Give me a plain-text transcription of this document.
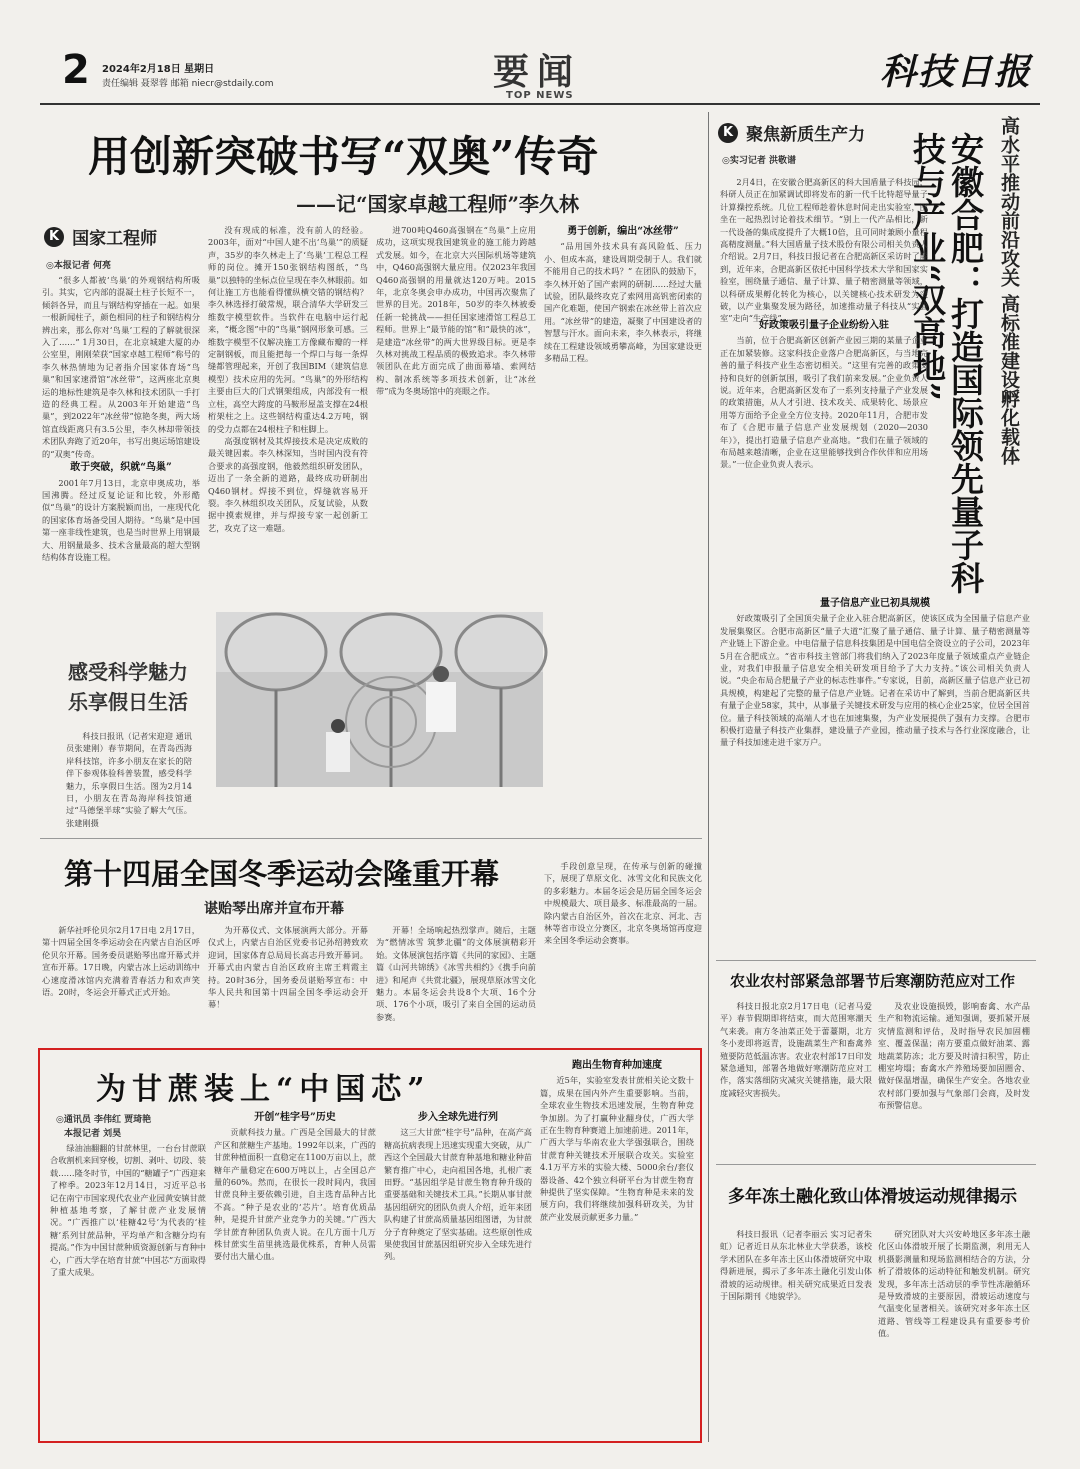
2 2024年2月18日 星期日
责任编辑 聂翠蓉 邮箱 niecr@stdaily.com	要闻
TOP NEWS
科技日报
用创新突破书写“双奥”传奇
——记“国家卓越工程师”李久林
K 国家工程师
◎本报记者 何亮

“很多人都被‘鸟巢’的外观钢结构所吸引。其实，它内部的混凝土柱子长短不一，倾斜各异，而且与钢结构穿插在一起。如果一根新闻柱子，颜色相同的柱子和钢结构分辨出来，那么你对‘鸟巢’工程的了解就很深入了……” 1月30日，在北京城建大厦的办公室里，刚刚荣获“国家卓越工程师”称号的李久林热情地为记者指介国家体育场“鸟巢”和国家速滑馆“冰丝带”，这两座北京奥运的地标性建筑是李久林和技术团队一手打造的经典工程。从2003年开始建造“鸟巢”，到2022年“冰丝带”惊艳冬奥，两大场馆直线距离只有3.5公里，李久林却带领技术团队奔跑了近20年，书写出奥运场馆建设的“双奥”传奇。

敢于突破，织就“鸟巢”

2001年7月13日，北京申奥成功，举国沸腾。经过反复论证和比较，外形酷似“鸟巢”的设计方案脱颖而出，一座现代化的国家体育场备受国人期待。“鸟巢”是中国第一座非线性建筑，也是当时世界上用钢最大、用钢量最多、技术含量最高的超大型钢结构体育设施工程。

没有现成的标准，没有前人的经验。2003年，面对“中国人建不出‘鸟巢’”的质疑声，35岁的李久林走上了‘鸟巢’工程总工程师的岗位。摊开150张钢结构图纸，“鸟巢”以独特的坐标点位呈现在李久林眼前。如何让施工方也能看得懂纵横交错的钢结构？李久林选择打破常规，联合清华大学研发三维数字模型软件。当软件在电脑中运行起来，“概念图”中的“鸟巢”钢网形象可感。三维数字模型不仅解决施工方像藏布瓣的一样定制钢板，而且能把每一个焊口与每一条焊缝都管理起来，开创了我国BIM（建筑信息模型）技术应用的先河。“鸟巢”的外形结构主要由巨大的门式钢架组成，内部没有一根立柱，高空大跨度的马鞍形屋盖支撑在24根桁架柱之上。这些钢结构重达4.2万吨，钢的受力点都在24根柱子和柱脚上。

高强度钢材及其焊接技术是决定成败的最关键因素。李久林深知，当时国内没有符合要求的高强度钢，他毅然组织研发团队，迈出了一条全新的道路，最终成功研制出Q460钢材。焊接不到位，焊缝就容易开裂。李久林组织攻关团队，反复试验，从数据中摸索规律，并与焊接专家一起创新工艺，攻克了这一难题。

进700吨Q460高强钢在“鸟巢”上应用成功，这项实现我国建筑业的施工能力跨越式发展。如今，在北京大兴国际机场等建筑中，Q460高强钢大量应用。仅2023年我国Q460高强钢的用量就达120万吨。2015年，北京冬奥会申办成功，中国再次聚焦了世界的目光。2018年，50岁的李久林被委任新一轮挑战——担任国家速滑馆工程总工程师。世界上“最节能的馆”和“最快的冰”，是建造“冰丝带”的两大世界级目标。更是李久林对挑战工程品质的极致追求。李久林带领团队在此方面完成了曲面幕墙、索网结构、制冰系统等多项技术创新，让“冰丝带”成为冬奥场馆中的亮眼之作。

勇于创新，编出“冰丝带”

“品用国外技术具有高风险低、压力小、但成本高，建设周期受制于人。我们就不能用自己的技术吗？” 在团队的鼓励下，李久林开始了国产索网的研制……经过大量试验，团队最终攻克了索网用高钒密闭索的国产化难题，使国产钢索在冰丝带上首次应用。“冰丝带”的建造，凝聚了中国建设者的智慧与汗水。面向未来，李久林表示，将继续在工程建设领域勇攀高峰，为国家建设更多精品工程。

感受科学魅力
乐享假日生活

科技日报讯（记者宋迎迎 通讯员张建刚）春节期间，在青岛西海岸科技馆，许多小朋友在家长的陪伴下参观体验科普装置，感受科学魅力，乐享假日生活。图为2月14日，小朋友在青岛海岸科技馆通过“马德堡半球”实验了解大气压。张建刚摄

第十四届全国冬季运动会隆重开幕
谌贻琴出席并宣布开幕

新华社呼伦贝尔2月17日电 2月17日，第十四届全国冬季运动会在内蒙古自治区呼伦贝尔开幕。国务委员谌贻琴出席开幕式并宣布开幕。17日晚，内蒙古冰上运动训练中心速度滑冰馆内充满着青春活力和欢声笑语。20时，冬运会开幕式正式开始。

为开幕仪式、文体展演两大部分。开幕仪式上，内蒙古自治区党委书记孙绍骋致欢迎词，国家体育总局局长高志丹致开幕词。开幕式由内蒙古自治区政府主席王莉霞主持。20时36分，国务委员谌贻琴宣布：中华人民共和国第十四届全国冬季运动会开幕！

开幕！全场响起热烈掌声。随后，主题为“燃情冰雪 筑梦北疆”的文体展演精彩开始。文体展演包括序篇《共同的家园》、主题篇《山河共锦绣》《冰雪共相约》《携手向前进》和尾声《共赏北疆》，展现草原冰雪文化魅力。本届冬运会共设8个大项、16个分项、176个小项，吸引了来自全国的运动员参赛。

手段创意呈现，在传承与创新的碰撞下，展现了草原文化、冰雪文化和民族文化的多彩魅力。本届冬运会是历届全国冬运会中规模最大、项目最多、标准最高的一届。除内蒙古自治区外，首次在北京、河北、吉林等省市设立分赛区，北京冬奥场馆再度迎来全国冬季运动会赛事。

为甘蔗装上“中国芯”
◎通讯员 李伟红 贾琦艳
本报记者 刘昊

绿油油翻翻的甘蔗林里，一台台甘蔗联合收割机来回穿梭，切割、剥叶、切段、装载……隆冬时节，中国的“糖罐子”广西迎来了榨季。2023年12月14日，习近平总书记在南宁市国家现代农业产业园黄安镇甘蔗种植基地考察，了解甘蔗产业发展情况。“广西推广以‘桂糖42号’为代表的‘桂糖’系列甘蔗品种，平均单产和含糖分均有提高。”作为中国甘蔗种质资源创新与育种中心，广西大学在培育甘蔗“中国芯”方面取得了重大成果。

开创“桂字号”历史

贡献科技力量。广西是全国最大的甘蔗产区和蔗糖生产基地。1992年以来，广西的甘蔗种植面积一直稳定在1100万亩以上，蔗糖年产量稳定在600万吨以上，占全国总产量的60%。然而，在很长一段时间内，我国甘蔗良种主要依赖引进，自主选育品种占比不高。“种子是农业的‘芯片’。培育优质品种，是提升甘蔗产业竞争力的关键。”广西大学甘蔗育种团队负责人说。在几方面十几万株甘蔗实生苗里挑选最优株系，育种人员需要付出大量心血。

步入全球先进行列

这三大甘蔗“桂字号”品种，在高产高糖高抗病表现上迅速实现重大突破，从广西这个全国最大甘蔗育种基地和糖业种苗繁育推广中心，走向祖国各地，扎根广袤田野。“基因组学是甘蔗生物育种升级的重要基础和关键技术工具。”长期从事甘蔗基因组研究的团队负责人介绍，近年来团队构建了甘蔗高质量基因组图谱，为甘蔗分子育种奠定了坚实基础。这些原创性成果使我国甘蔗基因组研究步入全球先进行列。

跑出生物育种加速度

近5年，实验室发表甘蔗相关论文数十篇，成果在国内外产生重要影响。当前，全球农业生物技术迅速发展，生物育种竞争加剧。为了打赢种业翻身仗，广西大学正在生物育种赛道上加速前进。2011年，广西大学与华南农业大学强强联合，围绕甘蔗育种关键技术开展联合攻关。实验室4.1万平方米的实验大楼、5000余台/套仪器设备、42个独立科研平台为甘蔗生物育种提供了坚实保障。“生物育种是未来的发展方向，我们将继续加强科研攻关，为甘蔗产业发展贡献更多力量。”

K 聚焦新质生产力
◎实习记者 洪敬谱	高水平推动前沿攻关 高标准建设孵化载体
安徽合肥：打造国际领先量子科技与产业“双高地”

2月4日，在安徽合肥高新区的科大国盾量子科技园，科研人员正在加紧调试即将发布的新一代千比特超导量子计算操控系统。几位工程师趁着休息时间走出实验室，围坐在一起热烈讨论着技术细节。“别上一代产品相比，新一代设备的集成度提升了大概10倍，且可同时兼顾小量程高精度测量。”科大国盾量子技术股份有限公司相关负责人介绍说。2月7日，科技日报记者在合肥高新区采访时了解到，近年来，合肥高新区依托中国科学技术大学和国家实验室，围绕量子通信、量子计算、量子精密测量等领域，以科研成果孵化转化为核心，以关键核心技术研发为突破，以产业集聚发展为路径，加速推动量子科技从“实验室”走向“生产线”。

好政策吸引量子企业纷纷入驻

当前，位于合肥高新区创新产业园三期的某量子企业正在加紧装修。这家科技企业落户合肥高新区，与当地完善的量子科技产业生态密切相关。“这里有完善的政策支持和良好的创新氛围，吸引了我们前来发展。”企业负责人说。近年来，合肥高新区发布了一系列支持量子产业发展的政策措施，从人才引进、技术攻关、成果转化、场景应用等方面给予企业全方位支持。2020年11月，合肥市发布了《合肥市量子信息产业发展规划（2020—2030年）》，提出打造量子信息产业高地。“我们在量子领域的布局越来越清晰，企业在这里能够找到合作伙伴和应用场景。”一位企业负责人表示。

量子信息产业已初具规模

好政策吸引了全国顶尖量子企业入驻合肥高新区，使该区成为全国量子信息产业发展集聚区。合肥市高新区“量子大道”汇聚了量子通信、量子计算、量子精密测量等产业链上下游企业。中电信量子信息科技集团是中国电信全资设立的子公司，2023年5月在合肥成立。“省市科技主管部门将我们纳入了2023年度量子领域重点产业链企业，对我们申报量子信息安全相关研发项目给予了大力支持。”该公司相关负责人说。“央企布局合肥量子产业的标志性事件。”专家说，目前，高新区量子信息产业已初具规模，构建起了完整的量子信息产业链。记者在采访中了解到，当前合肥高新区共有量子企业58家，其中，从事量子关键技术研发与应用的核心企业25家，位居全国首位。量子科技领域的高端人才也在加速集聚，为产业发展提供了强有力支撑。合肥市积极打造量子科技产业集群，建设量子产业园，推动量子技术与各行业深度融合，让量子科技加速走进千家万户。

农业农村部紧急部署节后寒潮防范应对工作

科技日报北京2月17日电（记者马爱平）春节假期即将结束，而大范围寒潮天气来袭。南方冬油菜正处于蕾薹期，北方冬小麦即将返青，设施蔬菜生产和畜禽养殖要防范低温冻害。农业农村部17日印发紧急通知，部署各地做好寒潮防范应对工作，落实落细防灾减灾关键措施，最大限度减轻灾害损失。

及农业设施损毁，影响畜禽、水产品生产和物流运输。通知强调，要抓紧开展灾情监测和评估，及时指导农民加固棚室、覆盖保温；南方要重点做好油菜、露地蔬菜防冻；北方要及时清扫积雪，防止棚室垮塌；畜禽水产养殖场要加固圈舍、做好保温增温，确保生产安全。各地农业农村部门要加强与气象部门会商，及时发布预警信息。

多年冻土融化致山体滑坡运动规律揭示

科技日报讯（记者李丽云 实习记者朱虹）记者近日从东北林业大学获悉，该校学术团队在多年冻土区山体滑坡研究中取得新进展，揭示了多年冻土融化引发山体滑坡的运动规律。相关研究成果近日发表于国际期刊《地貌学》。

研究团队对大兴安岭地区多年冻土融化区山体滑坡开展了长期监测，利用无人机摄影测量和现场监测相结合的方法，分析了滑坡体的运动特征和触发机制。研究发现，多年冻土活动层的季节性冻融循环是导致滑坡的主要原因，滑坡运动速度与气温变化显著相关。该研究对多年冻土区道路、管线等工程建设具有重要参考价值。
